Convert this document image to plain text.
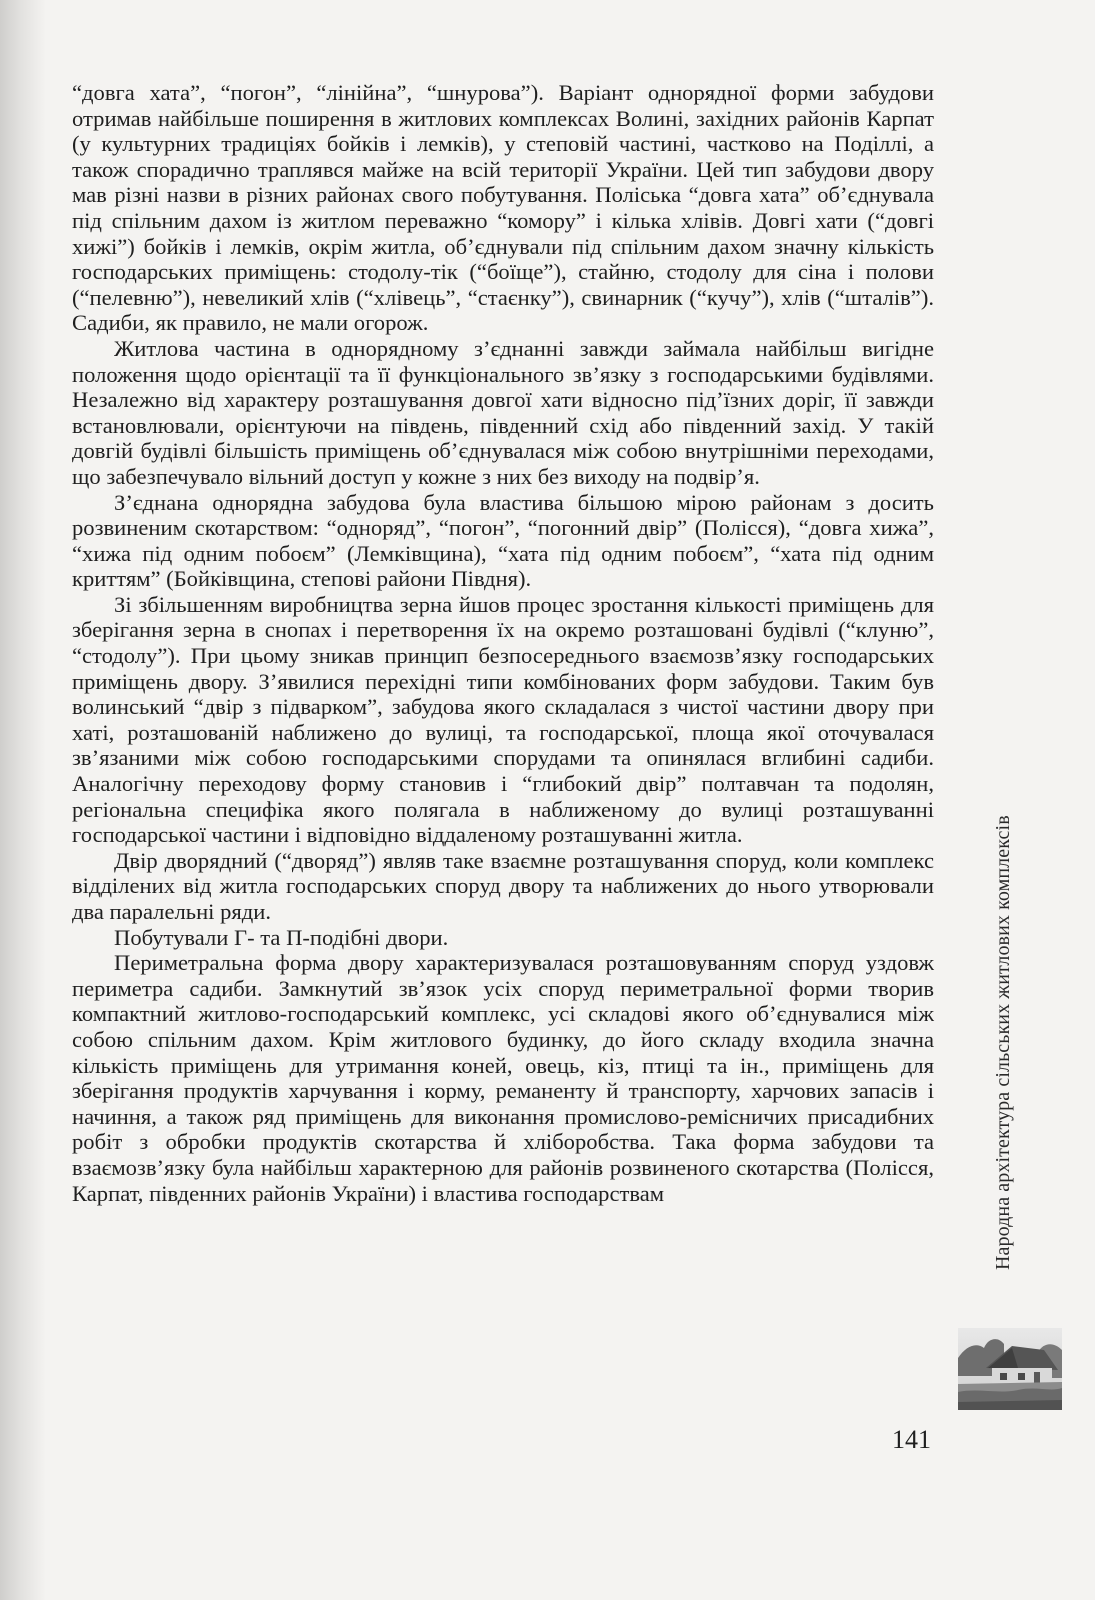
“довга хата”, “погон”, “лінійна”, “шнурова”). Варіант однорядної форми забудови отримав найбільше поширення в житлових комплексах Волині, західних районів Карпат (у культурних традиціях бойків і лемків), у степовій частині, частково на Поділлі, а також спорадично траплявся майже на всій території України. Цей тип забудови двору мав різні назви в різних районах свого побутування. Поліська “довга хата” об’єднувала під спільним дахом із житлом переважно “комору” і кілька хлівів. Довгі хати (“довгі хижі”) бойків і лемків, окрім житла, об’єднували під спільним дахом значну кількість господарських приміщень: стодолу-тік (“боїще”), стайню, стодолу для сіна і полови (“пелевню”), невеликий хлів (“хлівець”, “стаєнку”), свинарник (“кучу”), хлів (“шталів”). Садиби, як правило, не мали огорож.

Житлова частина в однорядному з’єднанні завжди займала найбільш вигідне положення щодо орієнтації та її функціонального зв’язку з господарськими будівлями. Незалежно від характеру розташування довгої хати відносно під’їзних доріг, її завжди встановлювали, орієнтуючи на південь, південний схід або південний захід. У такій довгій будівлі більшість приміщень об’єднувалася між собою внутрішніми переходами, що забезпечувало вільний доступ у кожне з них без виходу на подвір’я.

З’єднана однорядна забудова була властива більшою мірою районам з досить розвиненим скотарством: “одноряд”, “погон”, “погонний двір” (Полісся), “довга хижа”, “хижа під одним побоєм” (Лемківщина), “хата під одним побоєм”, “хата під одним криттям” (Бойківщина, степові райони Півдня).

Зі збільшенням виробництва зерна йшов процес зростання кількості приміщень для зберігання зерна в снопах і перетворення їх на окремо розташовані будівлі (“клуню”, “стодолу”). При цьому зникав принцип безпосереднього взаємозв’язку господарських приміщень двору. З’явилися перехідні типи комбінованих форм забудови. Таким був волинський “двір з підварком”, забудова якого складалася з чистої частини двору при хаті, розташованій наближено до вулиці, та господарської, площа якої оточувалася зв’язаними між собою господарськими спорудами та опинялася вглибині садиби. Аналогічну переходову форму становив і “глибокий двір” полтавчан та подолян, регіональна специфіка якого полягала в наближеному до вулиці розташуванні господарської частини і відповідно віддаленому розташуванні житла.

Двір дворядний (“дворяд”) являв таке взаємне розташування споруд, коли комплекс відділених від житла господарських споруд двору та наближених до нього утворювали два паралельні ряди.

Побутували Г- та П-подібні двори.

Периметральна форма двору характеризувалася розташовуванням споруд уздовж периметра садиби. Замкнутий зв’язок усіх споруд периметральної форми творив компактний житлово-господарський комплекс, усі складові якого об’єднувалися між собою спільним дахом. Крім житлового будинку, до його складу входила значна кількість приміщень для утримання коней, овець, кіз, птиці та ін., приміщень для зберігання продуктів харчування і корму, реманенту й транспорту, харчових запасів і начиння, а також ряд приміщень для виконання промислово-ремісничих присадибних робіт з обробки продуктів скотарства й хліборобства. Така форма забудови та взаємозв’язку була найбільш характерною для районів розвиненого скотарства (Полісся, Карпат, південних районів України) і властива господарствам	Народна архітектура сільських житлових комплексів
141
